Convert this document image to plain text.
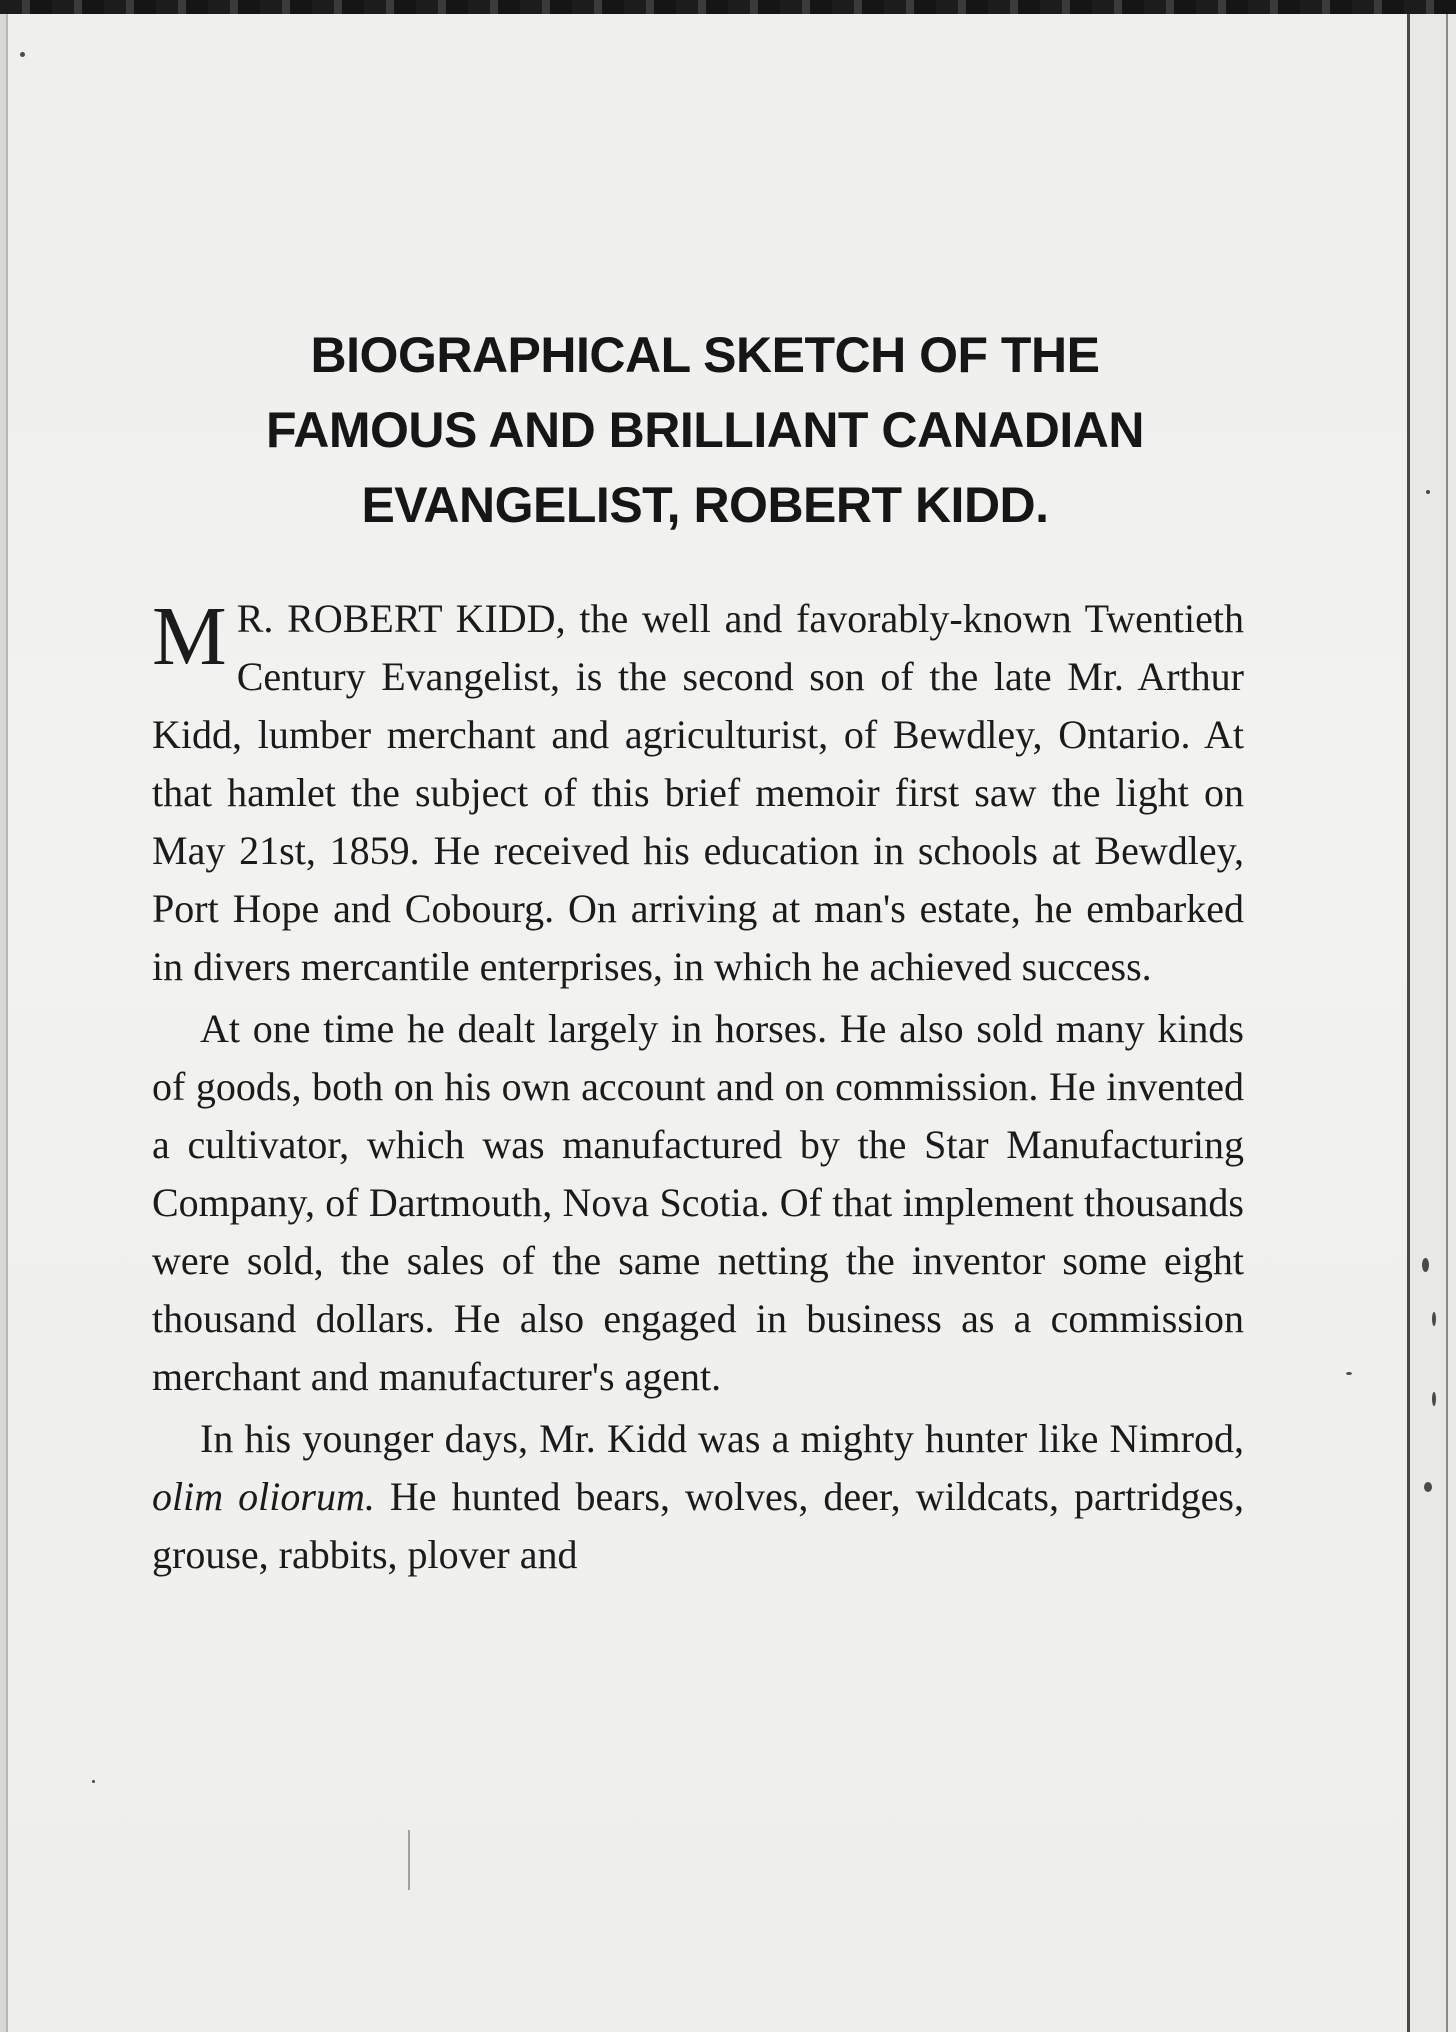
BIOGRAPHICAL SKETCH OF THE
FAMOUS AND BRILLIANT CANADIAN
EVANGELIST, ROBERT KIDD.

M R. ROBERT KIDD, the well and favorably-known Twentieth Century Evangelist, is the second son of the late Mr. Arthur Kidd, lumber merchant and agriculturist, of Bewdley, Ontario. At that hamlet the subject of this brief memoir first saw the light on May 21st, 1859. He received his education in schools at Bewdley, Port Hope and Cobourg. On arriving at man's estate, he embarked in divers mercantile enterprises, in which he achieved success.

At one time he dealt largely in horses. He also sold many kinds of goods, both on his own account and on commission. He invented a cultivator, which was manufactured by the Star Manufacturing Company, of Dartmouth, Nova Scotia. Of that implement thousands were sold, the sales of the same netting the inventor some eight thousand dollars. He also engaged in business as a commission merchant and manufacturer's agent.

In his younger days, Mr. Kidd was a mighty hunter like Nimrod, olim oliorum. He hunted bears, wolves, deer, wildcats, partridges, grouse, rabbits, plover and
